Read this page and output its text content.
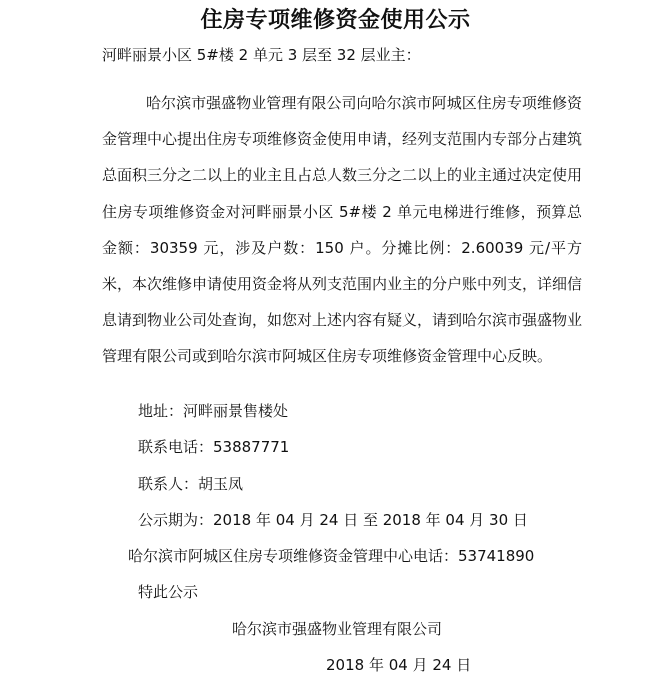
住房专项维修资金使用公示
河畔丽景小区 5#楼 2 单元 3 层至 32 层业主：

哈尔滨市强盛物业管理有限公司向哈尔滨市阿城区住房专项维修资金管理中心提出住房专项维修资金使用申请，经列支范围内专部分占建筑总面积三分之二以上的业主且占总人数三分之二以上的业主通过决定使用住房专项维修资金对河畔丽景小区 5#楼 2 单元电梯进行维修，预算总金额：30359 元，涉及户数：150 户。分摊比例：2.60039 元/平方米，本次维修申请使用资金将从列支范围内业主的分户账中列支，详细信息请到物业公司处查询，如您对上述内容有疑义，请到哈尔滨市强盛物业管理有限公司或到哈尔滨市阿城区住房专项维修资金管理中心反映。

地址：河畔丽景售楼处
联系电话：53887771
联系人：胡玉凤
公示期为：2018 年 04 月 24 日 至 2018 年 04 月 30 日
哈尔滨市阿城区住房专项维修资金管理中心电话：53741890
特此公示
哈尔滨市强盛物业管理有限公司
2018 年 04 月 24 日
